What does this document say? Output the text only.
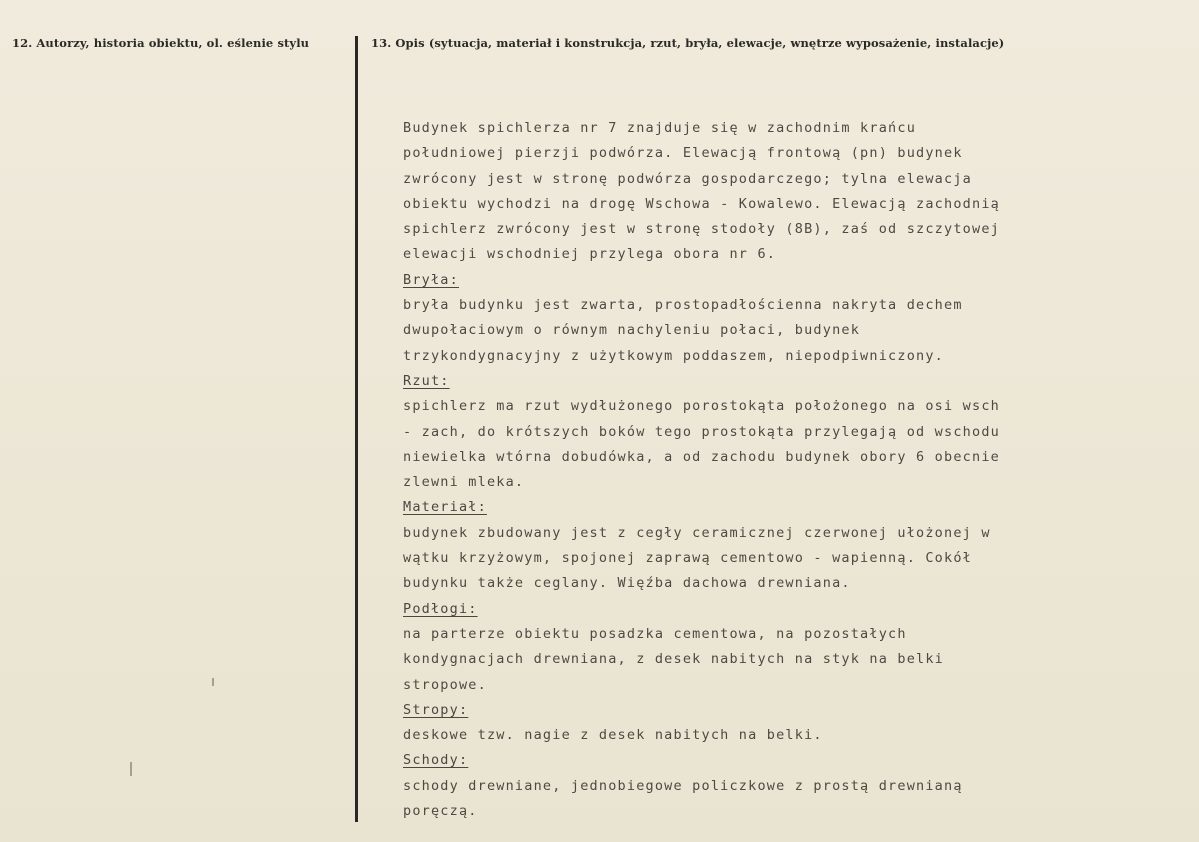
12. Autorzy, historia obiektu, ol. eślenie stylu	13. Opis (sytuacja, materiał i konstrukcja, rzut, bryła, elewacje, wnętrze wyposażenie, instalacje)
Budynek spichlerza nr 7 znajduje się w zachodnim krańcu
południowej pierzji podwórza. Elewacją frontową (pn) budynek
zwrócony jest w stronę podwórza gospodarczego; tylna elewacja
obiektu wychodzi na drogę Wschowa - Kowalewo. Elewacją zachodnią
spichlerz zwrócony jest w stronę stodoły (8B), zaś od szczytowej
elewacji wschodniej przylega obora nr 6.
Bryła:
bryła budynku jest zwarta, prostopadłościenna nakryta dechem
dwupołaciowym o równym nachyleniu połaci, budynek
trzykondygnacyjny z użytkowym poddaszem, niepodpiwniczony.
Rzut:
spichlerz ma rzut wydłużonego porostokąta położonego na osi wsch
- zach, do krótszych boków tego prostokąta przylegają od wschodu
niewielka wtórna dobudówka, a od zachodu budynek obory 6 obecnie
zlewni mleka.
Materiał:
budynek zbudowany jest z cegły ceramicznej czerwonej ułożonej w
wątku krzyżowym, spojonej zaprawą cementowo - wapienną. Cokół
budynku także ceglany. Więźba dachowa drewniana.
Podłogi:
na parterze obiektu posadzka cementowa, na pozostałych
kondygnacjach drewniana, z desek nabitych na styk na belki
stropowe.
Stropy:
deskowe tzw. nagie z desek nabitych na belki.
Schody:
schody drewniane, jednobiegowe policzkowe z prostą drewnianą
poręczą.
